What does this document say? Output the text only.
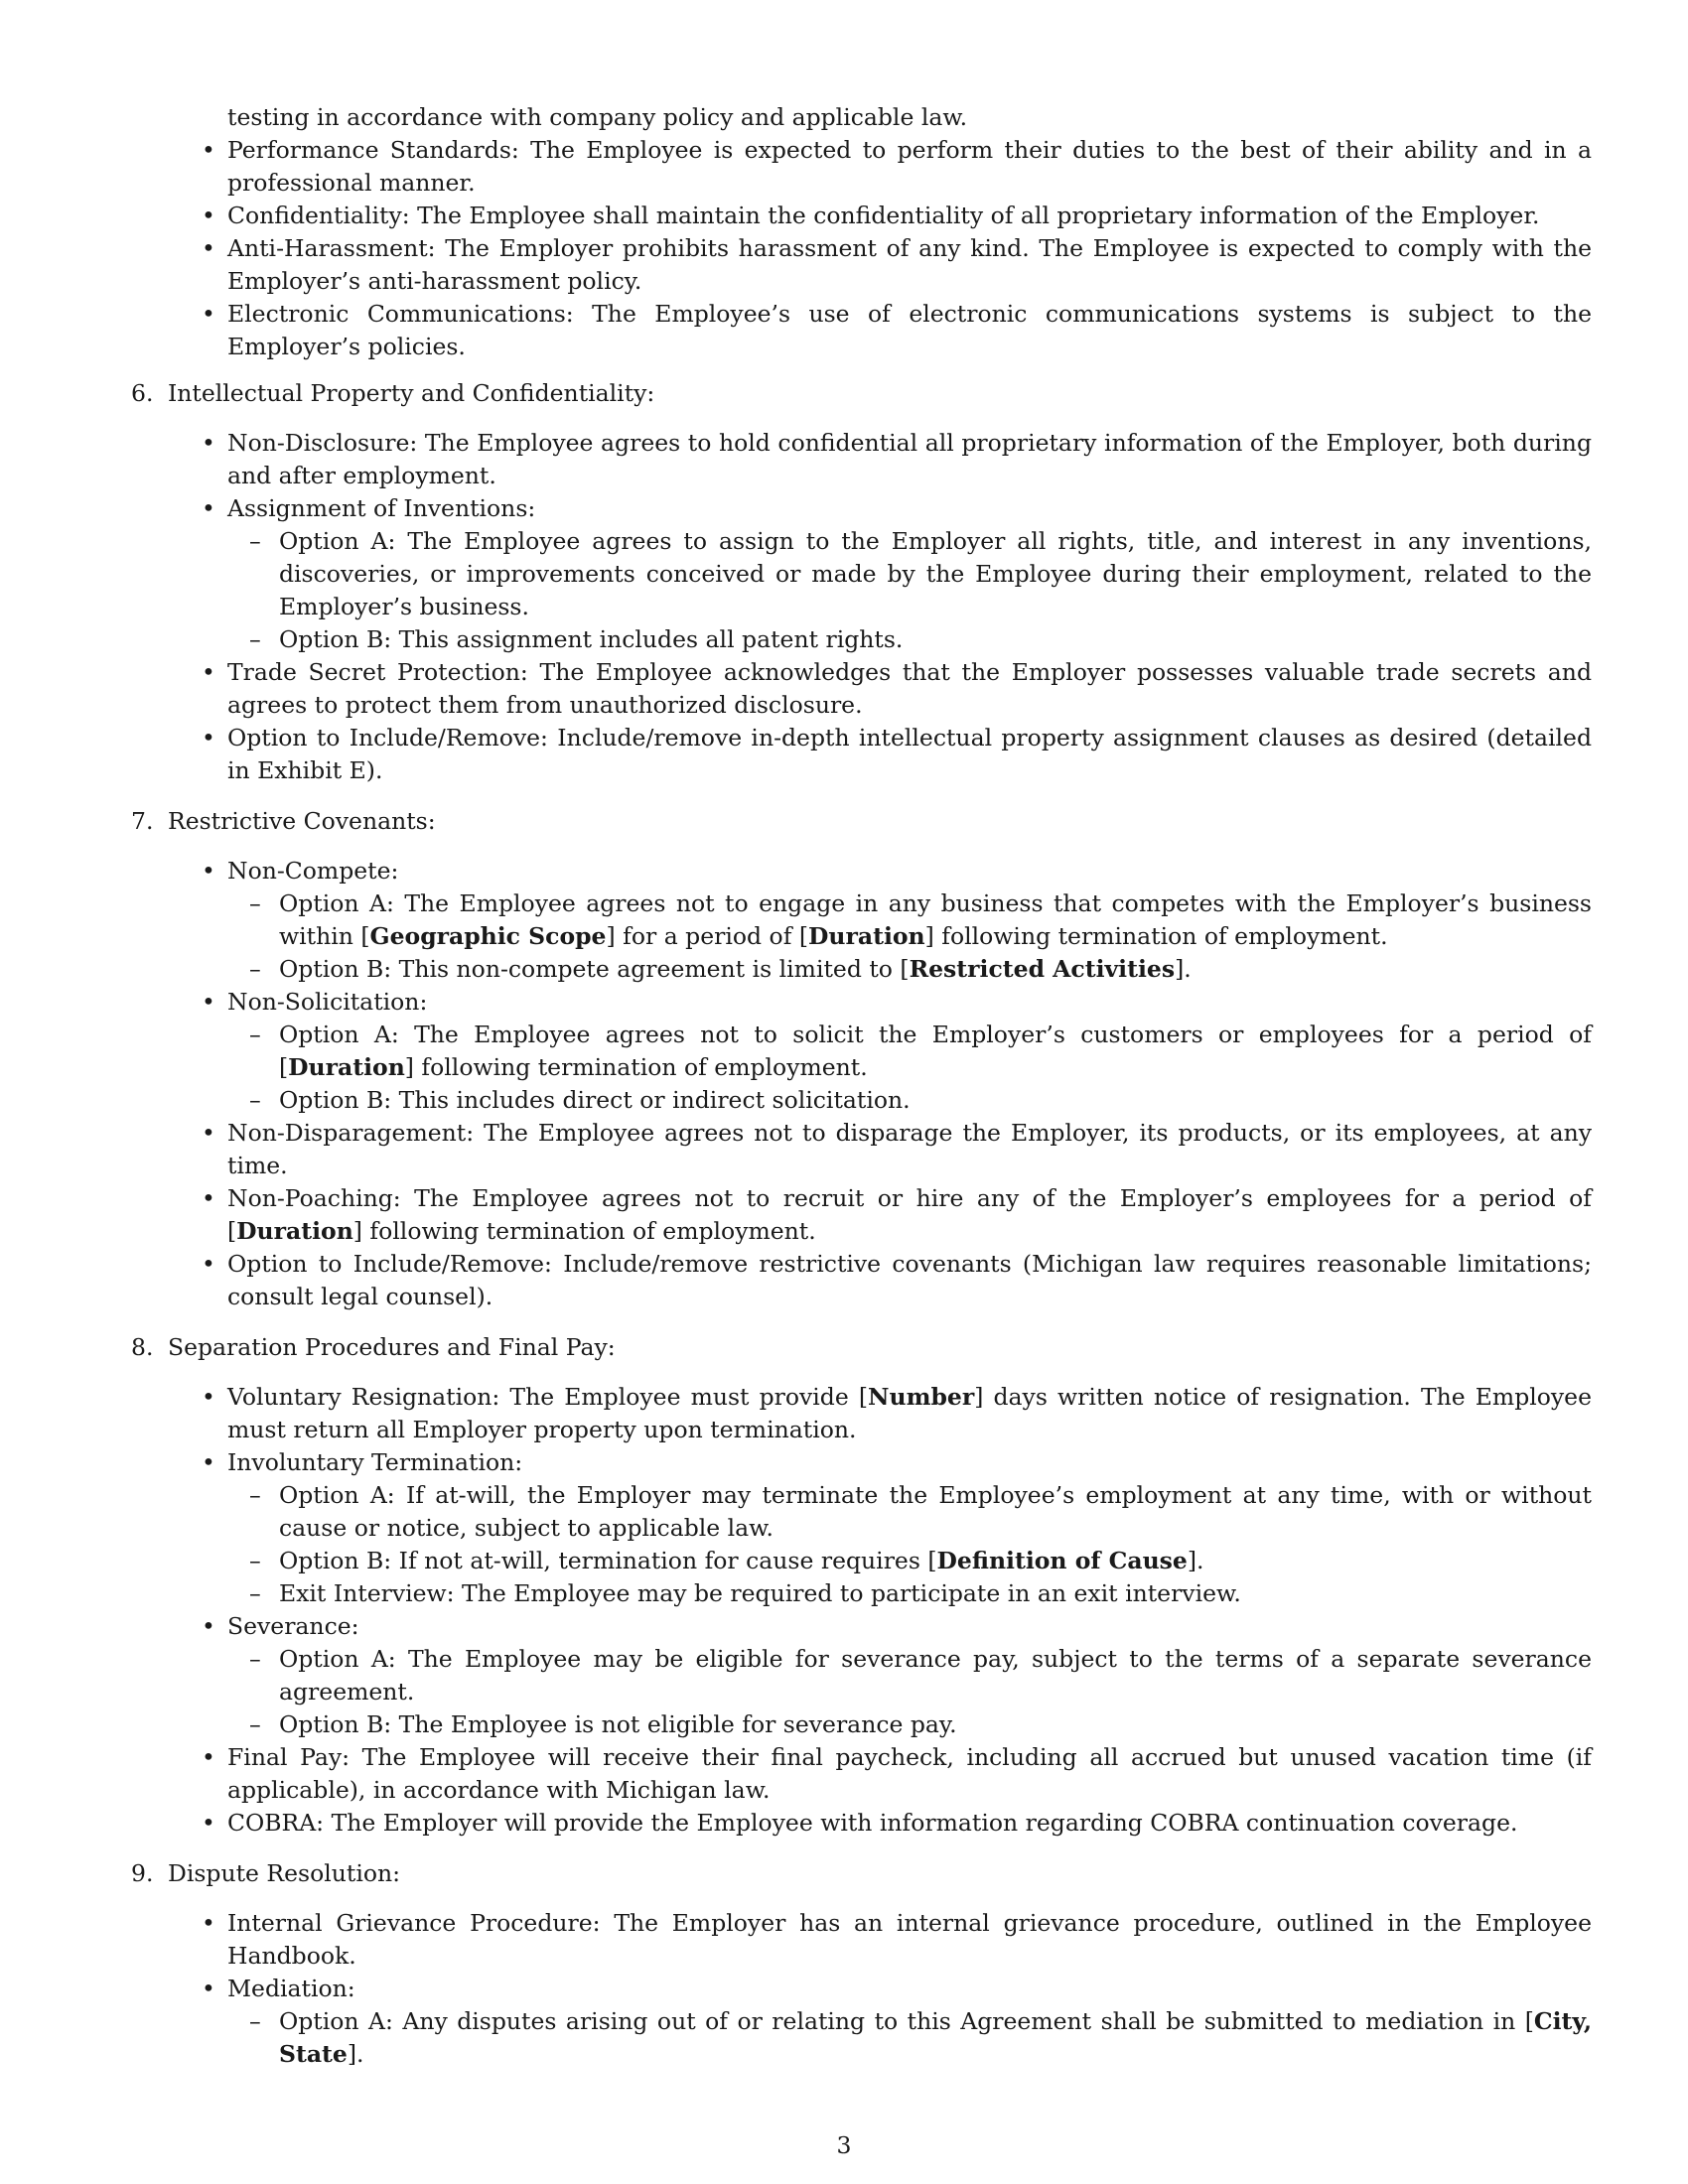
testing in accordance with company policy and applicable law.
• Performance Standards: The Employee is expected to perform their duties to the best of their ability and in a professional manner.
• Confidentiality: The Employee shall maintain the confidentiality of all proprietary information of the Employer.
• Anti-Harassment: The Employer prohibits harassment of any kind. The Employee is expected to comply with the Employer’s anti-harassment policy.
• Electronic Communications: The Employee’s use of electronic communications systems is subject to the Employer’s policies.
6. Intellectual Property and Confidentiality:
• Non-Disclosure: The Employee agrees to hold confidential all proprietary information of the Employer, both during and after employment.
• Assignment of Inventions:
– Option A: The Employee agrees to assign to the Employer all rights, title, and interest in any inventions, discoveries, or improvements conceived or made by the Employee during their employment, related to the Employer’s business.
– Option B: This assignment includes all patent rights.
• Trade Secret Protection: The Employee acknowledges that the Employer possesses valuable trade secrets and agrees to protect them from unauthorized disclosure.
• Option to Include/Remove: Include/remove in-depth intellectual property assignment clauses as desired (detailed in Exhibit E).
7. Restrictive Covenants:
• Non-Compete:
– Option A: The Employee agrees not to engage in any business that competes with the Employer’s business within [Geographic Scope] for a period of [Duration] following termination of employment.
– Option B: This non-compete agreement is limited to [Restricted Activities].
• Non-Solicitation:
– Option A: The Employee agrees not to solicit the Employer’s customers or employees for a period of [Duration] following termination of employment.
– Option B: This includes direct or indirect solicitation.
• Non-Disparagement: The Employee agrees not to disparage the Employer, its products, or its employees, at any time.
• Non-Poaching: The Employee agrees not to recruit or hire any of the Employer’s employees for a period of [Duration] following termination of employment.
• Option to Include/Remove: Include/remove restrictive covenants (Michigan law requires reasonable limitations; consult legal counsel).
8. Separation Procedures and Final Pay:
• Voluntary Resignation: The Employee must provide [Number] days written notice of resignation. The Employee must return all Employer property upon termination.
• Involuntary Termination:
– Option A: If at-will, the Employer may terminate the Employee’s employment at any time, with or without cause or notice, subject to applicable law.
– Option B: If not at-will, termination for cause requires [Definition of Cause].
– Exit Interview: The Employee may be required to participate in an exit interview.
• Severance:
– Option A: The Employee may be eligible for severance pay, subject to the terms of a separate severance agreement.
– Option B: The Employee is not eligible for severance pay.
• Final Pay: The Employee will receive their final paycheck, including all accrued but unused vacation time (if applicable), in accordance with Michigan law.
• COBRA: The Employer will provide the Employee with information regarding COBRA continuation coverage.
9. Dispute Resolution:
• Internal Grievance Procedure: The Employer has an internal grievance procedure, outlined in the Employee Handbook.
• Mediation:
– Option A: Any disputes arising out of or relating to this Agreement shall be submitted to mediation in [City, State].
3
